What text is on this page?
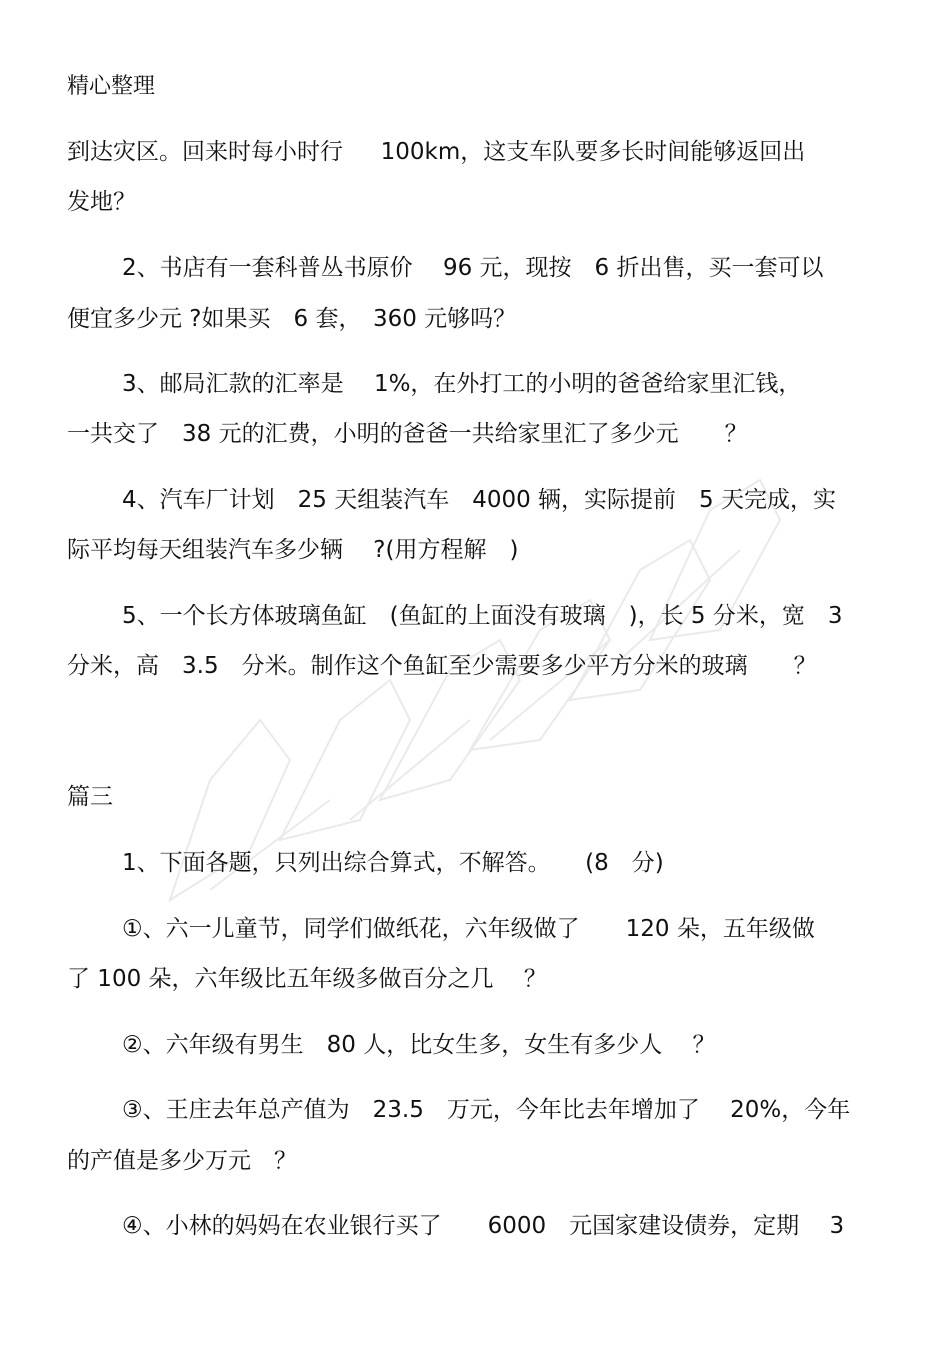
精心整理
到达灾区。回来时每小时行　  100km，这支车队要多长时间能够返回出
发地？
2、书店有一套科普丛书原价　 96 元，现按　6 折出售，买一套可以
便宜多少元 ?如果买　6 套，　360 元够吗？
3、邮局汇款的汇率是　 1%，在外打工的小明的爸爸给家里汇钱，
一共交了　38 元的汇费，小明的爸爸一共给家里汇了多少元　　？
4、汽车厂计划　25 天组装汽车　4000 辆，实际提前　5 天完成，实
际平均每天组装汽车多少辆　 ?(用方程解　)
5、一个长方体玻璃鱼缸　(鱼缸的上面没有玻璃　)，长 5 分米，宽　3
分米，高　3.5　分米。制作这个鱼缸至少需要多少平方分米的玻璃　　？
篇三
1、下面各题，只列出综合算式，不解答。　　(8　分)
①、六一儿童节，同学们做纸花，六年级做了　　120 朵，五年级做
了 100 朵，六年级比五年级多做百分之几　 ？
②、六年级有男生　80 人，比女生多，女生有多少人　 ？
③、王庄去年总产值为　23.5　万元，今年比去年增加了　 20%，今年
的产值是多少万元　？
④、小林的妈妈在农业银行买了　　6000　元国家建设债券，定期　 3
